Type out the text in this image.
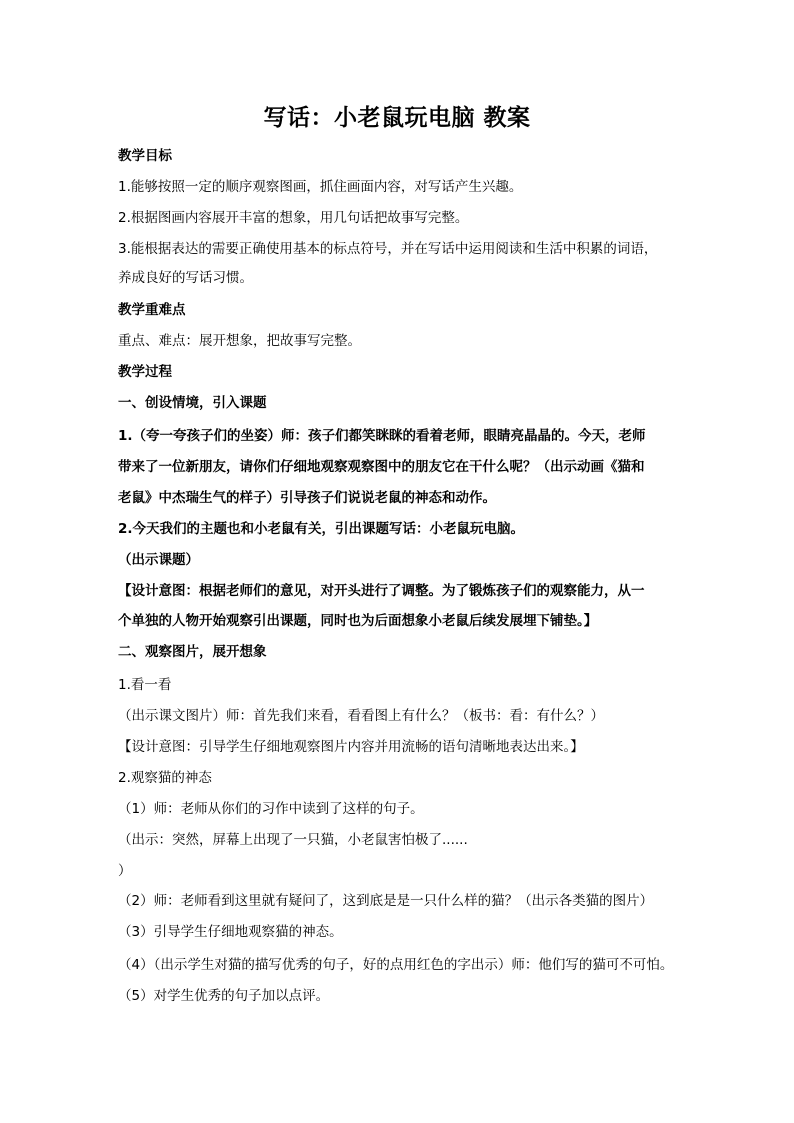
写话：小老鼠玩电脑 教案
教学目标
1.能够按照一定的顺序观察图画，抓住画面内容，对写话产生兴趣。
2.根据图画内容展开丰富的想象，用几句话把故事写完整。
3.能根据表达的需要正确使用基本的标点符号，并在写话中运用阅读和生活中积累的词语，
养成良好的写话习惯。
教学重难点
重点、难点：展开想象，把故事写完整。
教学过程
一、创设情境，引入课题
1.（夸一夸孩子们的坐姿）师：孩子们都笑眯眯的看着老师，眼睛亮晶晶的。今天，老师
带来了一位新朋友，请你们仔细地观察观察图中的朋友它在干什么呢？（出示动画《猫和
老鼠》中杰瑞生气的样子）引导孩子们说说老鼠的神态和动作。
2.今天我们的主题也和小老鼠有关，引出课题写话：小老鼠玩电脑。
（出示课题）
【设计意图：根据老师们的意见，对开头进行了调整。为了锻炼孩子们的观察能力，从一
个单独的人物开始观察引出课题，同时也为后面想象小老鼠后续发展埋下铺垫。】
二、观察图片，展开想象
1.看一看
（出示课文图片）师：首先我们来看，看看图上有什么？（板书：看：有什么？）
【设计意图：引导学生仔细地观察图片内容并用流畅的语句清晰地表达出来。】
2.观察猫的神态
（1）师：老师从你们的习作中读到了这样的句子。
（出示：突然，屏幕上出现了一只猫，小老鼠害怕极了......
）
（2）师：老师看到这里就有疑问了，这到底是是一只什么样的猫？（出示各类猫的图片）
（3）引导学生仔细地观察猫的神态。
（4）（出示学生对猫的描写优秀的句子，好的点用红色的字出示）师：他们写的猫可不可怕。
（5）对学生优秀的句子加以点评。
